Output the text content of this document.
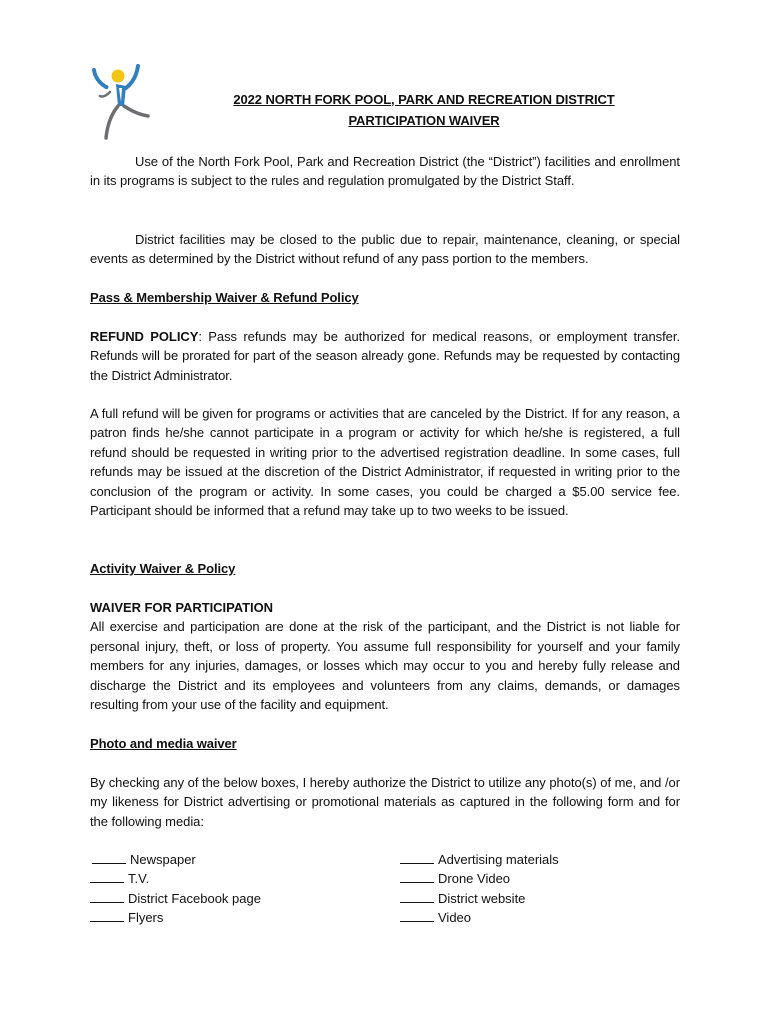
2022 NORTH FORK POOL, PARK AND RECREATION DISTRICT
PARTICIPATION WAIVER
Use of the North Fork Pool, Park and Recreation District (the “District”) facilities and enrollment in its programs is subject to the rules and regulation promulgated by the District Staff.
District facilities may be closed to the public due to repair, maintenance, cleaning, or special events as determined by the District without refund of any pass portion to the members.
Pass & Membership Waiver & Refund Policy
REFUND POLICY: Pass refunds may be authorized for medical reasons, or employment transfer. Refunds will be prorated for part of the season already gone. Refunds may be requested by contacting the District Administrator.
A full refund will be given for programs or activities that are canceled by the District. If for any reason, a patron finds he/she cannot participate in a program or activity for which he/she is registered, a full refund should be requested in writing prior to the advertised registration deadline. In some cases, full refunds may be issued at the discretion of the District Administrator, if requested in writing prior to the conclusion of the program or activity. In some cases, you could be charged a $5.00 service fee. Participant should be informed that a refund may take up to two weeks to be issued.
Activity Waiver & Policy
WAIVER FOR PARTICIPATION
All exercise and participation are done at the risk of the participant, and the District is not liable for personal injury, theft, or loss of property. You assume full responsibility for yourself and your family members for any injuries, damages, or losses which may occur to you and hereby fully release and discharge the District and its employees and volunteers from any claims, demands, or damages resulting from your use of the facility and equipment.
Photo and media waiver
By checking any of the below boxes, I hereby authorize the District to utilize any photo(s) of me, and /or my likeness for District advertising or promotional materials as captured in the following form and for the following media:
Newspaper
T.V.
District Facebook page
Flyers
Advertising materials
Drone Video
District website
Video
